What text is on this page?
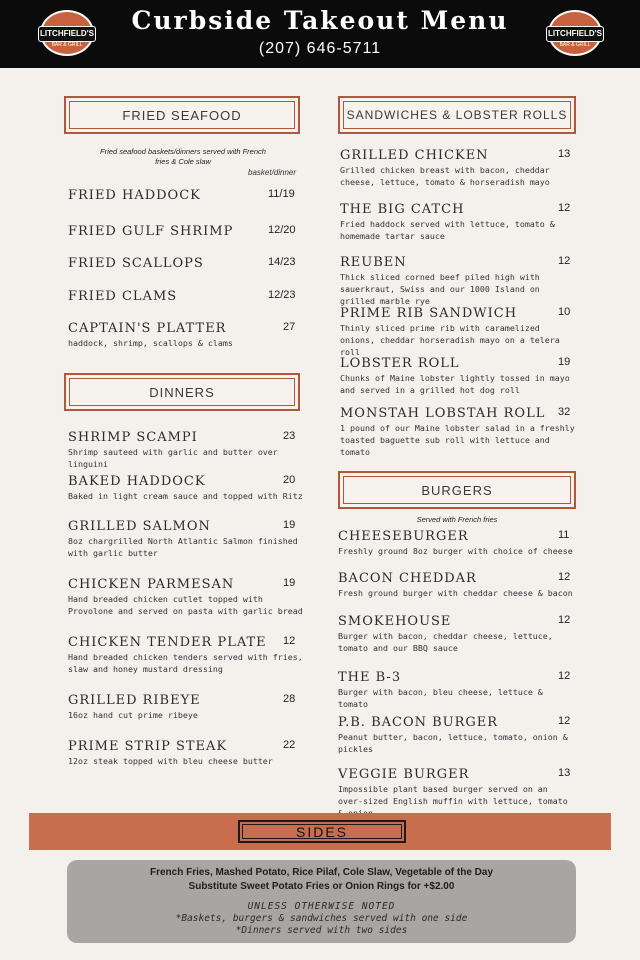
LITCHFIELD'S
BAR & GRILL
Curbside Takeout Menu
(207) 646-5711
LITCHFIELD'S
BAR & GRILL
FRIED SEAFOOD
Fried seafood baskets/dinners served with French fries & Cole slaw
basket/dinner
FRIED HADDOCK	11/19
FRIED GULF SHRIMP	12/20
FRIED SCALLOPS	14/23
FRIED CLAMS	12/23
CAPTAIN'S PLATTER	27
haddock, shrimp, scallops & clams
DINNERS
SHRIMP SCAMPI	23
Shrimp sauteed with garlic and butter over linguini
BAKED HADDOCK	20
Baked in light cream sauce and topped with Ritz
GRILLED SALMON	19
8oz chargrilled North Atlantic Salmon finished with garlic butter
CHICKEN PARMESAN	19
Hand breaded chicken cutlet topped with Provolone and served on pasta with garlic bread
CHICKEN TENDER PLATE 12
Hand breaded chicken tenders served with fries, slaw and honey mustard dressing
GRILLED RIBEYE	28
16oz hand cut prime ribeye
PRIME STRIP STEAK	22
12oz steak topped with bleu cheese butter
SANDWICHES & LOBSTER ROLLS
GRILLED CHICKEN	13
Grilled chicken breast with bacon, cheddar cheese, lettuce, tomato & horseradish mayo
THE BIG CATCH	12
Fried haddock served with lettuce, tomato & homemade tartar sauce
REUBEN	12
Thick sliced corned beef piled high with sauerkraut, Swiss and our 1000 Island on grilled marble rye
PRIME RIB SANDWICH	10
Thinly sliced prime rib with caramelized onions, cheddar horseradish mayo on a telera roll
LOBSTER ROLL	19
Chunks of Maine lobster lightly tossed in mayo and served in a grilled hot dog roll
MONSTAH LOBSTAH ROLL 32
1 pound of our Maine lobster salad in a freshly toasted baguette sub roll with lettuce and tomato
BURGERS
Served with French fries
CHEESEBURGER	11
Freshly ground 8oz burger with choice of cheese
BACON CHEDDAR	12
Fresh ground burger with cheddar cheese & bacon
SMOKEHOUSE	12
Burger with bacon, cheddar cheese, lettuce, tomato and our BBQ sauce
THE B-3	12
Burger with bacon, bleu cheese, lettuce & tomato
P.B. BACON BURGER	12
Peanut butter, bacon, lettuce, tomato, onion & pickles
VEGGIE BURGER	13
Impossible plant based burger served on an over-sized English muffin with lettuce, tomato
SIDES
French Fries, Mashed Potato, Rice Pilaf, Cole Slaw, Vegetable of the Day
Substitute Sweet Potato Fries or Onion Rings for +$2.00
UNLESS OTHERWISE NOTED
*Baskets, burgers & sandwiches served with one side
*Dinners served with two sides
